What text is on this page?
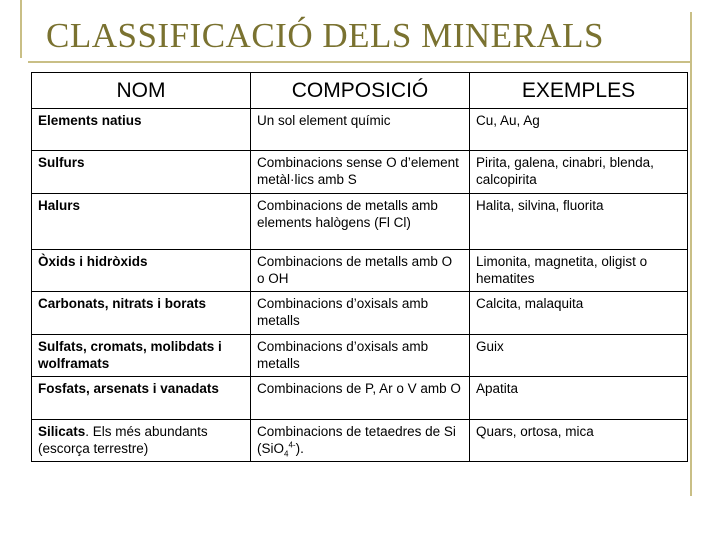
CLASSIFICACIÓ DELS MINERALS
NOM	COMPOSICIÓ	EXEMPLES
Elements natius	Un sol element químic	Cu, Au, Ag
Sulfurs	Combinacions sense O d’element metàl·lics amb S	Pirita, galena, cinabri, blenda, calcopirita
Halurs	Combinacions de metalls amb elements halògens (Fl Cl)	Halita, silvina, fluorita
Òxids i hidròxids	Combinacions de metalls amb O o OH	Limonita, magnetita, oligist o hematites
Carbonats, nitrats i borats	Combinacions d’oxisals amb metalls	Calcita, malaquita
Sulfats, cromats, molibdats i wolframats	Combinacions d’oxisals amb metalls	Guix
Fosfats, arsenats i vanadats	Combinacions de P, Ar o V amb O	Apatita
Silicats. Els més abundants (escorça terrestre)	Combinacions de tetaedres de Si (SiO$_4^{4-}$).	Quars, ortosa, mica
